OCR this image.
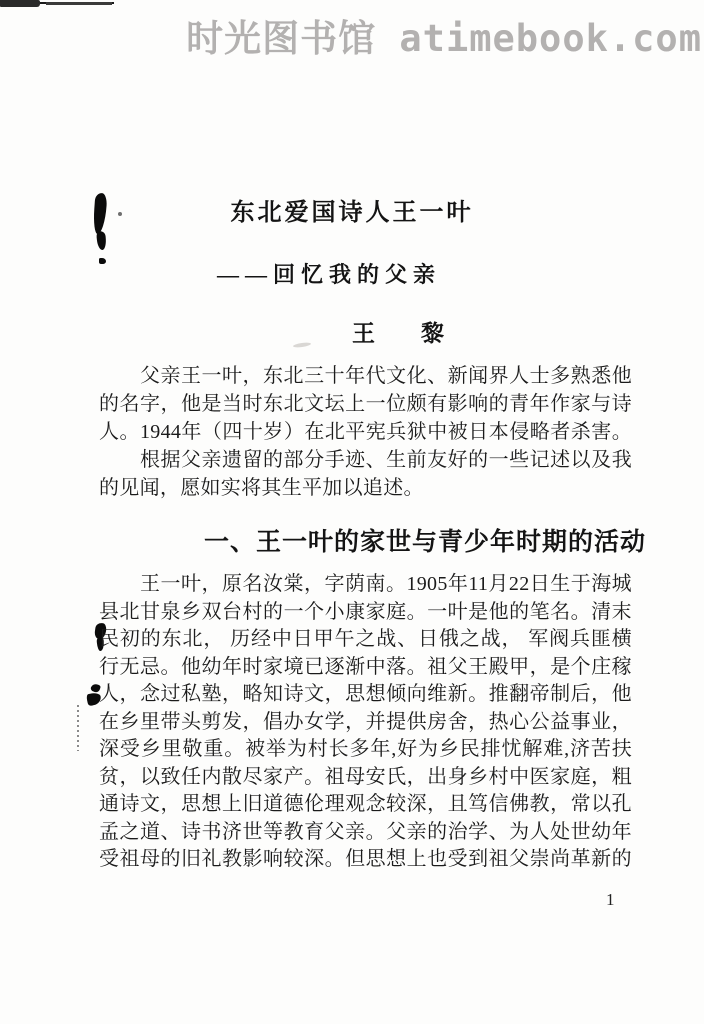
时光图书馆 atimebook.com
东北爱国诗人王一叶
——回忆我的父亲
王　　黎
父亲王一叶，东北三十年代文化、新闻界人士多熟悉他
的名字，他是当时东北文坛上一位颇有影响的青年作家与诗
人。1944年（四十岁）在北平宪兵狱中被日本侵略者杀害。
根据父亲遗留的部分手迹、生前友好的一些记述以及我
的见闻，愿如实将其生平加以追述。
一、王一叶的家世与青少年时期的活动
王一叶，原名汝棠，字荫南。1905年11月22日生于海城
县北甘泉乡双台村的一个小康家庭。一叶是他的笔名。清末
民初的东北， 历经中日甲午之战、日俄之战， 军阀兵匪横
行无忌。他幼年时家境已逐渐中落。祖父王殿甲，是个庄稼
人，念过私塾，略知诗文，思想倾向维新。推翻帝制后，他
在乡里带头剪发，倡办女学，并提供房舍，热心公益事业，
深受乡里敬重。被举为村长多年,好为乡民排忧解难,济苦扶
贫，以致任内散尽家产。祖母安氏，出身乡村中医家庭，粗
通诗文，思想上旧道德伦理观念较深，且笃信佛教，常以孔
孟之道、诗书济世等教育父亲。父亲的治学、为人处世幼年
受祖母的旧礼教影响较深。但思想上也受到祖父崇尚革新的
1
